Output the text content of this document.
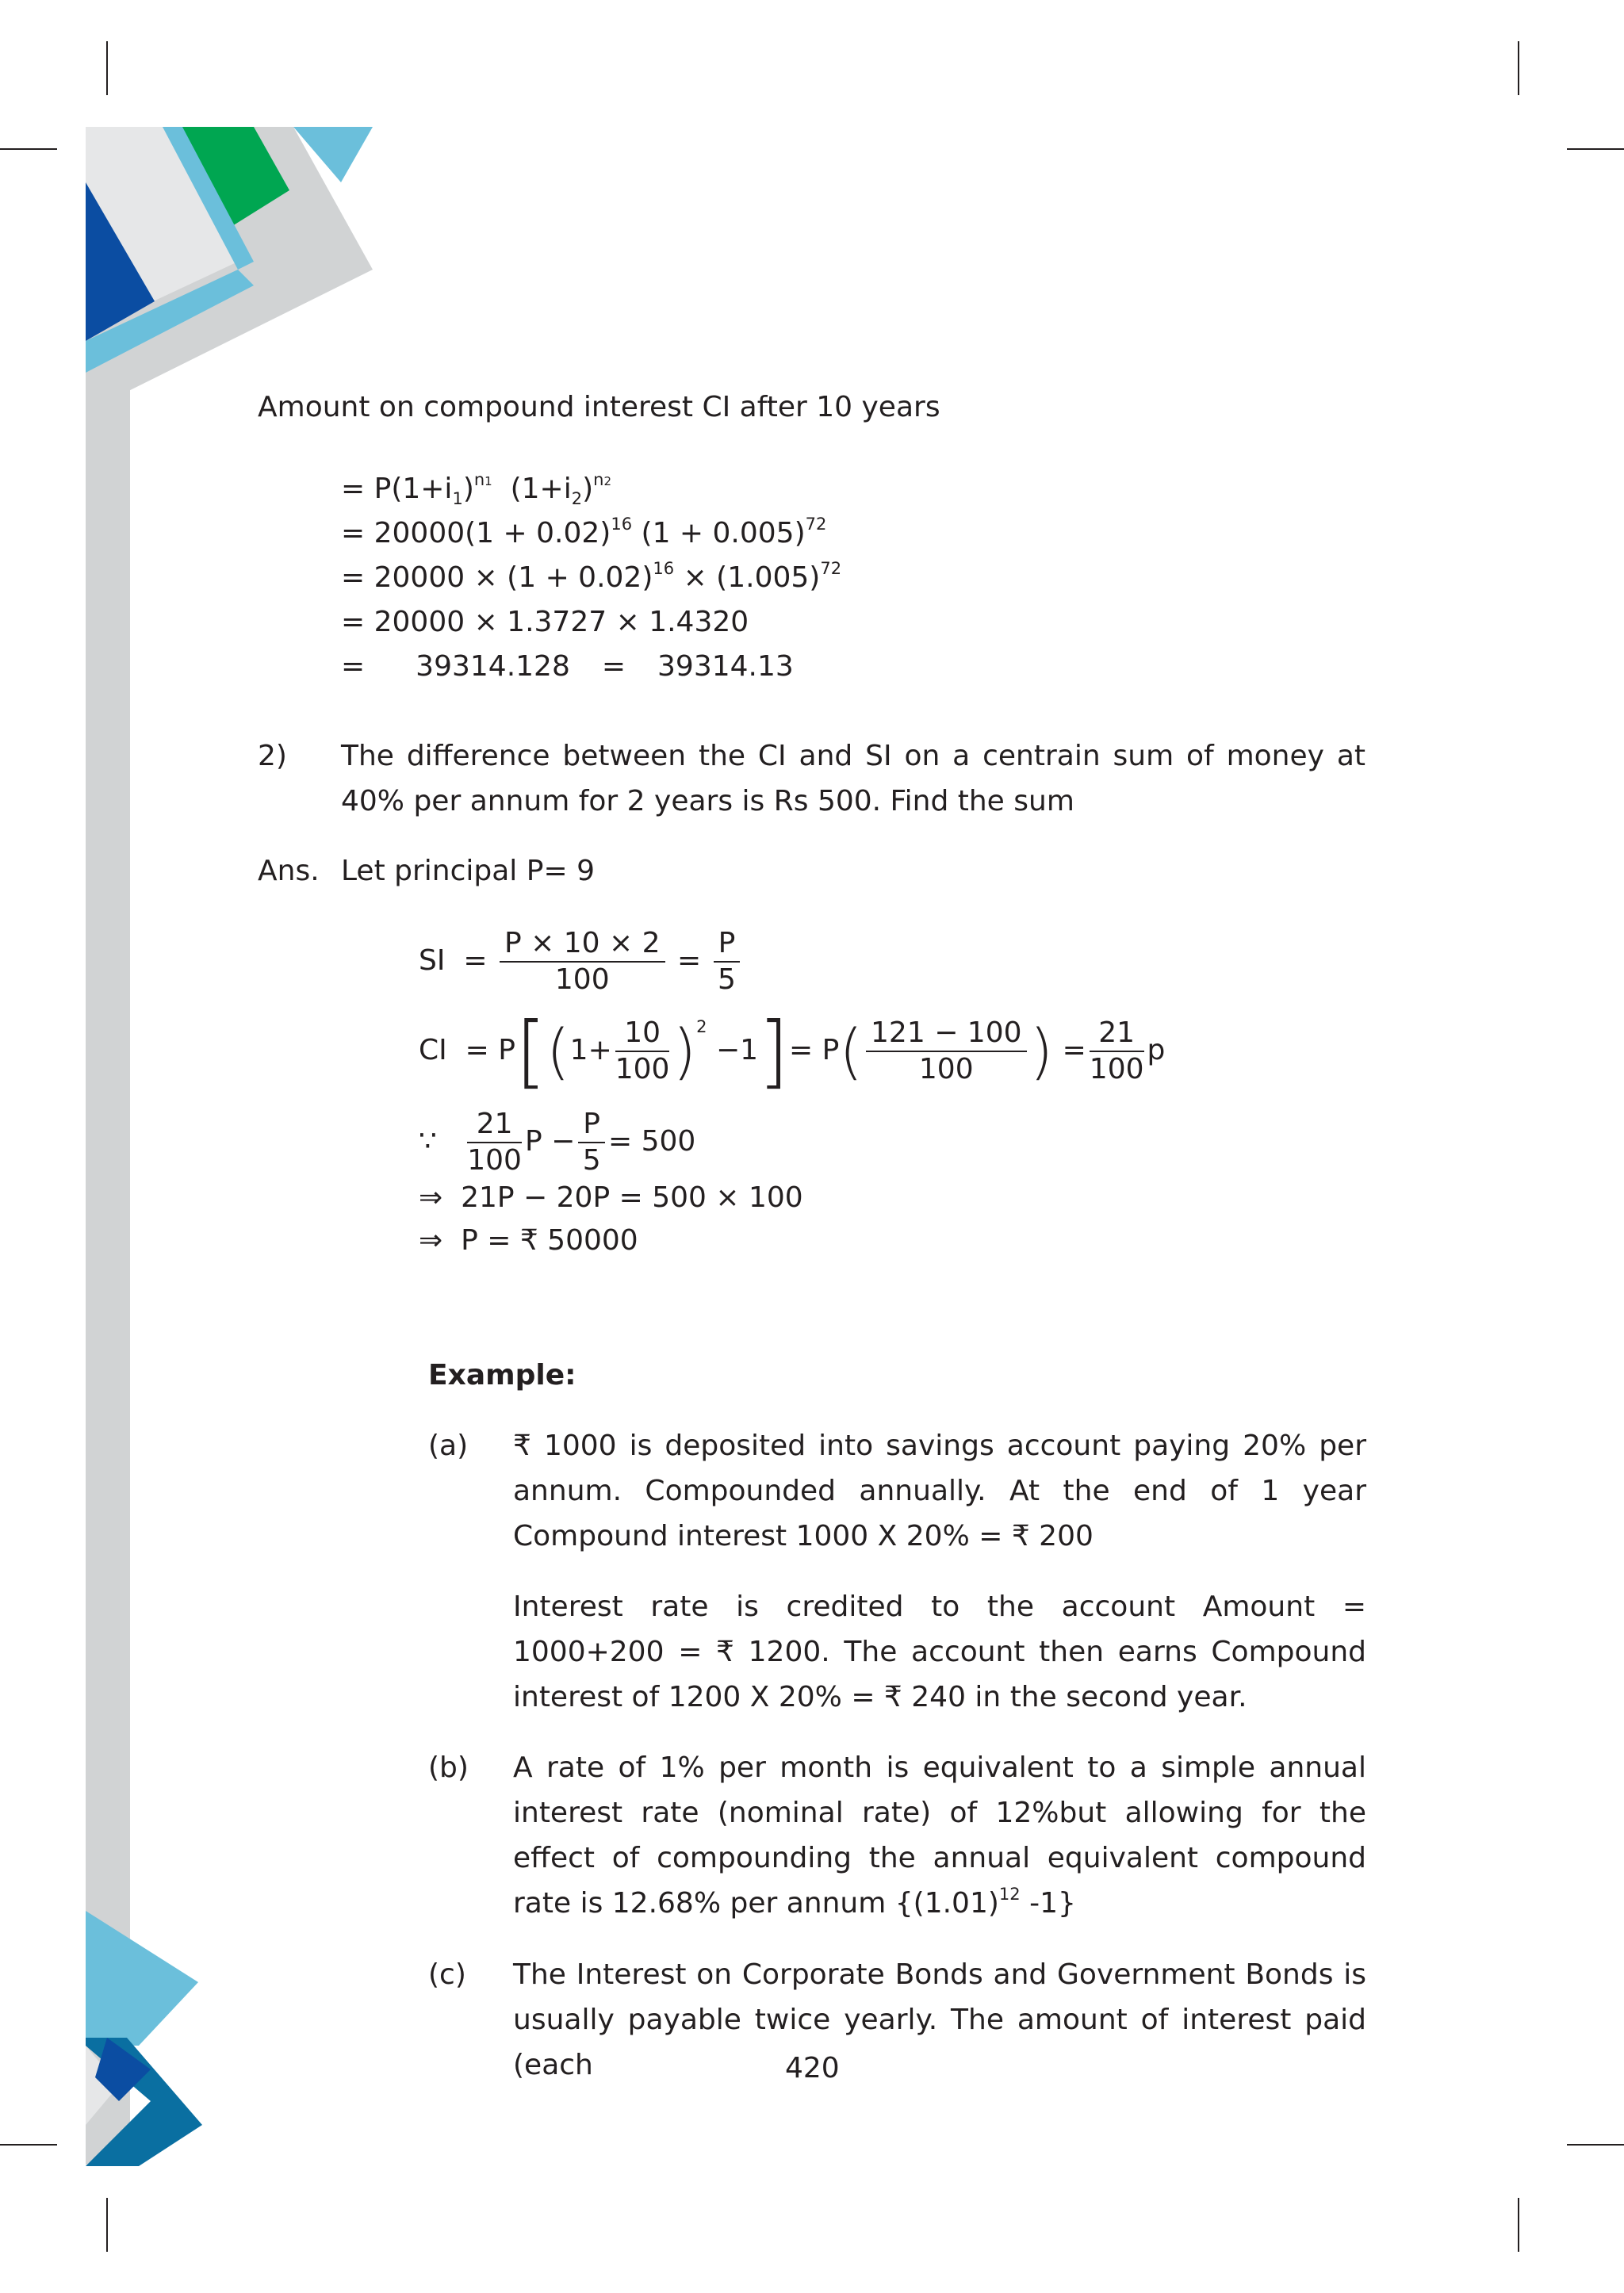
Amount on compound interest CI after 10 years
= $P(1+i_1)^{n1}$  $(1+i_2)^{n2}$
= $20000(1 + 0.02)^{16}$ $(1 + 0.005)^{72}$
= $20000 \times (1 + 0.02)^{16} \times (1.005)^{72}$
= 20000 × 1.3727 × 1.4320
= 39314.128 = 39314.13
2) The difference between the CI and SI on a centrain sum of money at 40% per annum for 2 years is Rs 500. Find the sum
Ans. Let principal P= 9
SI = $\frac{P \times 10 \times 2}{100} = \frac{P}{5}$
CI = $P[(1+ \frac{10}{100} )^2 -1]= P( \frac{121 - 100}{100}$ ) = $\frac{21}{100}$ p
∵ $\frac{21}{100}$ $P - \frac{P}{5} = 500$
⇒ 21P − 20P = 500 × 100
⇒ P = ₹ 50000
Example:
(a) ₹ 1000 is deposited into savings account paying 20% per annum. Compounded annually. At the end of 1 year Compound interest 1000 X 20% = ₹ 200
Interest rate is credited to the account Amount = 1000+200 = ₹ 1200. The account then earns Compound interest of 1200 X 20% = ₹ 240 in the second year.
(b) A rate of 1% per month is equivalent to a simple annual interest rate (nominal rate) of 12%but allowing for the effect of compounding the annual equivalent compound rate is 12.68% per annum {$(1.01)^{12}$ -1}
(c) The Interest on Corporate Bonds and Government Bonds is usually payable twice yearly. The amount of interest paid (each	420
